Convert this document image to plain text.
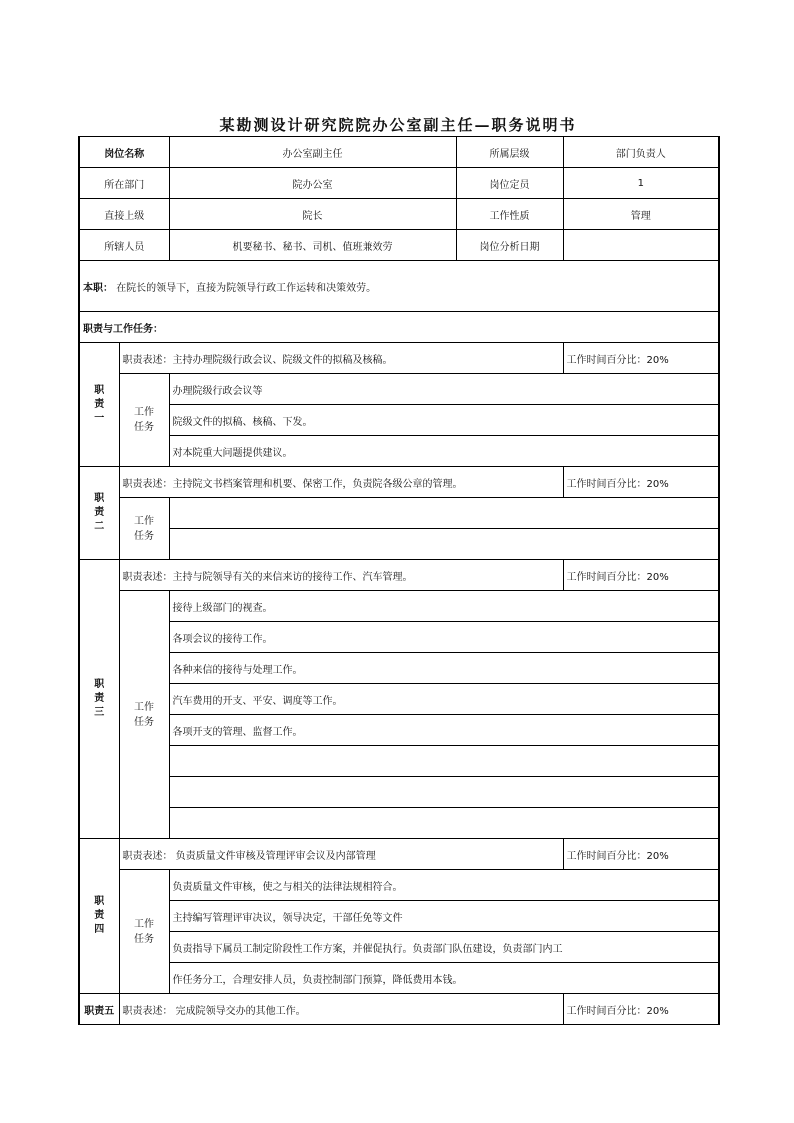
某勘测设计研究院院办公室副主任—职务说明书
岗位名称		办公室副主任	所属层级	部门负责人
所在部门		院办公室	岗位定员	1
直接上级		院长	工作性质	管理
所辖人员		机要秘书、秘书、司机、值班兼效劳	岗位分析日期	
本职： 在院长的领导下，直接为院领导行政工作运转和决策效劳。				
职责与工作任务：				

职
责
一	职责表述：主持办理院级行政会议、院级文件的拟稿及核稿。			工作时间百分比：20%

	工作
任务	办理院级行政会议等		
		院级文件的拟稿、核稿、下发。		
		对本院重大问题提供建议。		

职
责
二	职责表述：主持院文书档案管理和机要、保密工作，负责院各级公章的管理。			工作时间百分比：20%

	工作
任务			

职
责
三	职责表述：主持与院领导有关的来信来访的接待工作、汽车管理。			工作时间百分比：20%

	工作
任务	接待上级部门的视查。		
		各项会议的接待工作。		
		各种来信的接待与处理工作。		
		汽车费用的开支、平安、调度等工作。		
		各项开支的管理、监督工作。		

职
责
四	职责表述： 负责质量文件审核及管理评审会议及内部管理			工作时间百分比：20%

	工作
任务	负责质量文件审核，使之与相关的法律法规相符合。		
		主持编写管理评审决议，领导决定，干部任免等文件		
		负责指导下属员工制定阶段性工作方案，并催促执行。负责部门队伍建设，负责部门内工		
		作任务分工，合理安排人员，负责控制部门预算，降低费用本钱。		
职责五	职责表述： 完成院领导交办的其他工作。			工作时间百分比：20%
